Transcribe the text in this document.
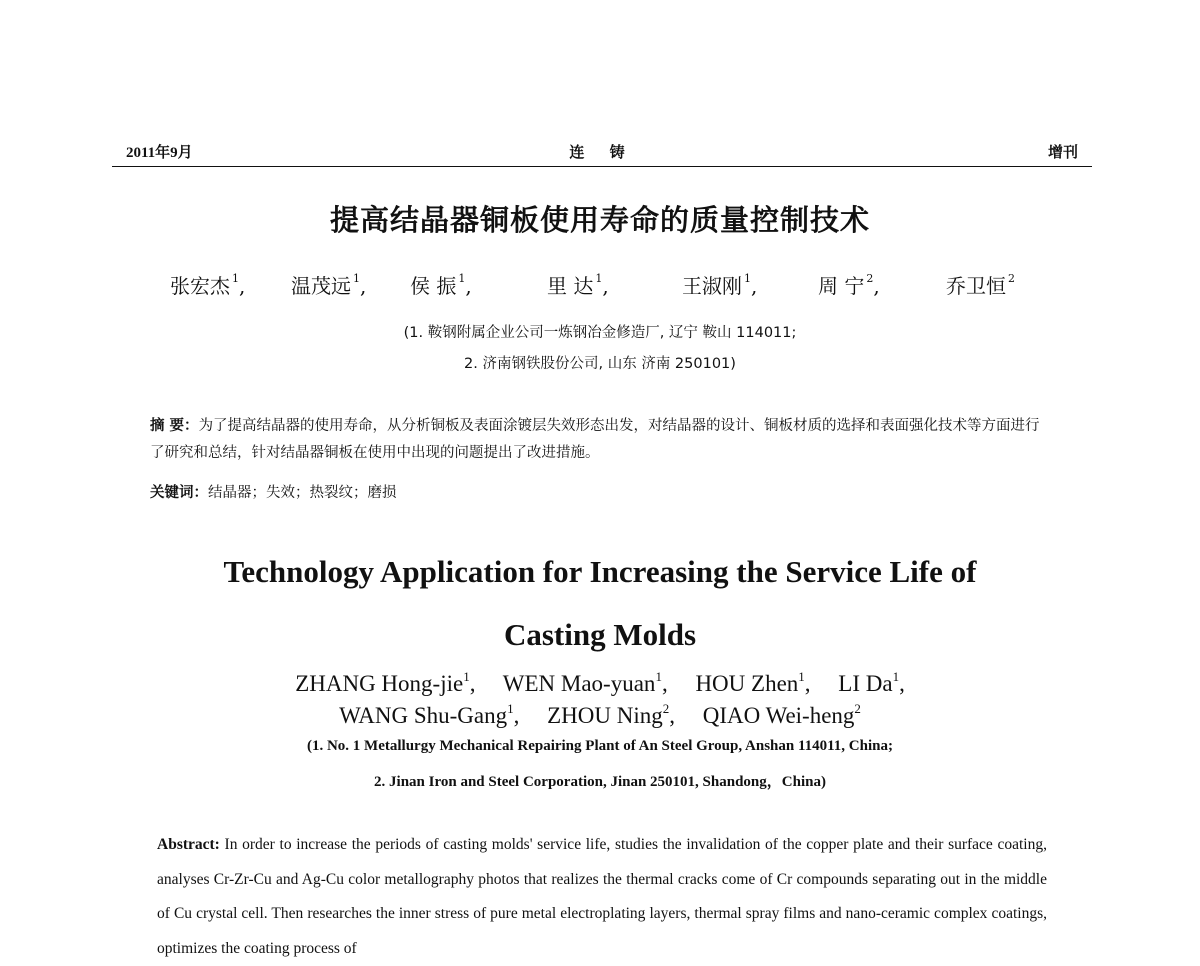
2011年9月	连 铸	增刊
提高结晶器铜板使用寿命的质量控制技术
张宏杰 $^1$, 温茂远 $^1$, 侯 振 $^1$,	里 达 $^1$,	王淑刚 $^1$,	周 宁 $^2$,	乔卫恒 $^2$
(1. 鞍钢附属企业公司一炼钢冶金修造厂, 辽宁 鞍山 114011;
2. 济南钢铁股份公司, 山东 济南 250101)
摘 要：为了提高结晶器的使用寿命，从分析铜板及表面涂镀层失效形态出发，对结晶器的设计、铜板材质的选择和表面强化技术等方面进行了研究和总结，针对结晶器铜板在使用中出现的问题提出了改进措施。
关键词：结晶器；失效；热裂纹；磨损
Technology Application for Increasing the Service Life of
Casting Molds
ZHANG Hong-jie$^1$, WEN Mao-yuan$^1$, HOU Zhen$^1$, LI Da$^1$,
WANG Shu-Gang$^1$, ZHOU Ning$^2$, QIAO Wei-heng$^2$
(1. No. 1 Metallurgy Mechanical Repairing Plant of An Steel Group, Anshan 114011, China;
2. Jinan Iron and Steel Corporation, Jinan 250101, Shandong，China)
Abstract: In order to increase the periods of casting molds' service life, studies the invalidation of the copper plate and their surface coating, analyses Cr-Zr-Cu and Ag-Cu color metallography photos that realizes the thermal cracks come of Cr compounds separating out in the middle of Cu crystal cell. Then researches the inner stress of pure metal electroplating layers, thermal spray films and nano-ceramic complex coatings, optimizes the coating process of
